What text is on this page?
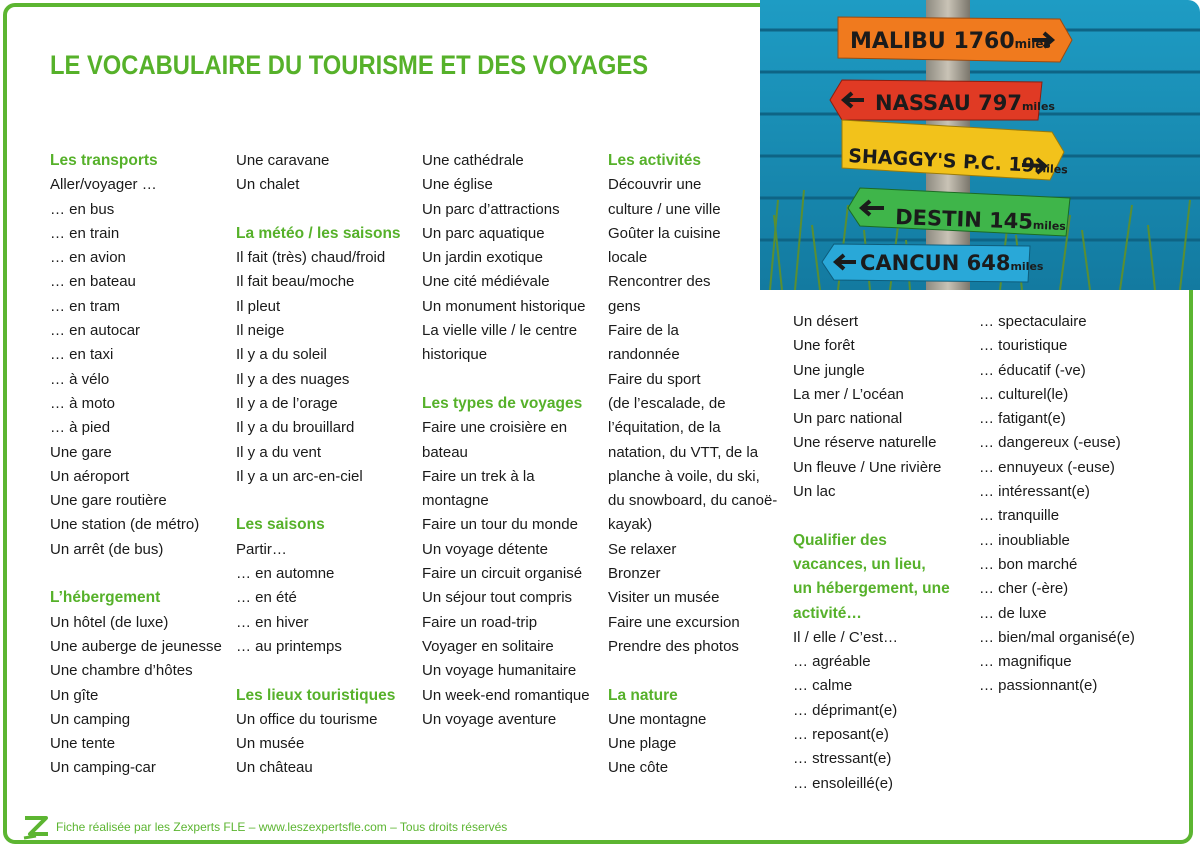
LE VOCABULAIRE DU TOURISME ET DES VOYAGES
Les transports
Aller/voyager …
… en bus
… en train
… en avion
… en bateau
… en tram
… en autocar
… en taxi
… à vélo
… à moto
… à pied
Une gare
Un aéroport
Une gare routière
Une station (de métro)
Un arrêt (de bus)
L’hébergement
Un hôtel (de luxe)
Une auberge de jeunesse
Une chambre d’hôtes
Un gîte
Un camping
Une tente
Un camping-car
Une caravane
Un chalet
La météo / les saisons
Il fait (très) chaud/froid
Il fait beau/moche
Il pleut
Il neige
Il y a du soleil
Il y a des nuages
Il y a de l’orage
Il y a du brouillard
Il y a du vent
Il y a un arc-en-ciel
Les saisons
Partir…
… en automne
… en été
… en hiver
… au printemps
Les lieux touristiques
Un office du tourisme
Un musée
Un château
Une cathédrale
Une église
Un parc d’attractions
Un parc aquatique
Un jardin exotique
Une cité médiévale
Un monument historique
La vielle ville / le centre
historique
Les types de voyages
Faire une croisière en
bateau
Faire un trek à la
montagne
Faire un tour du monde
Un voyage détente
Faire un circuit organisé
Un séjour tout compris
Faire un road-trip
Voyager en solitaire
Un voyage humanitaire
Un week-end romantique
Un voyage aventure
Les activités
Découvrir une
culture / une ville
Goûter la cuisine
locale
Rencontrer des
gens
Faire de la
randonnée
Faire du sport
(de l’escalade, de
l’équitation, de la
natation, du VTT, de la
planche à voile, du ski,
du snowboard, du canoë-
kayak)
Se relaxer
Bronzer
Visiter un musée
Faire une excursion
Prendre des photos
La nature
Une montagne
Une plage
Une côte
Un désert
Une forêt
Une jungle
La mer / L’océan
Un parc national
Une réserve naturelle
Un fleuve / Une rivière
Un lac
Qualifier des
vacances, un lieu,
un hébergement, une
activité…
Il / elle / C’est…
… agréable
… calme
… déprimant(e)
… reposant(e)
… stressant(e)
… ensoleillé(e)
… spectaculaire
… touristique
… éducatif (-ve)
… culturel(le)
… fatigant(e)
… dangereux (-euse)
… ennuyeux (-euse)
… intéressant(e)
… tranquille
… inoubliable
… bon marché
… cher (-ère)
… de luxe
… bien/mal organisé(e)
… magnifique
… passionnant(e)
MALIBU 1760miles
NASSAU 797miles
SHAGGY'S P.C. 19miles
DESTIN 145miles
CANCUN 648miles
Fiche réalisée par les Zexperts FLE – www.leszexpertsfle.com – Tous droits réservés
